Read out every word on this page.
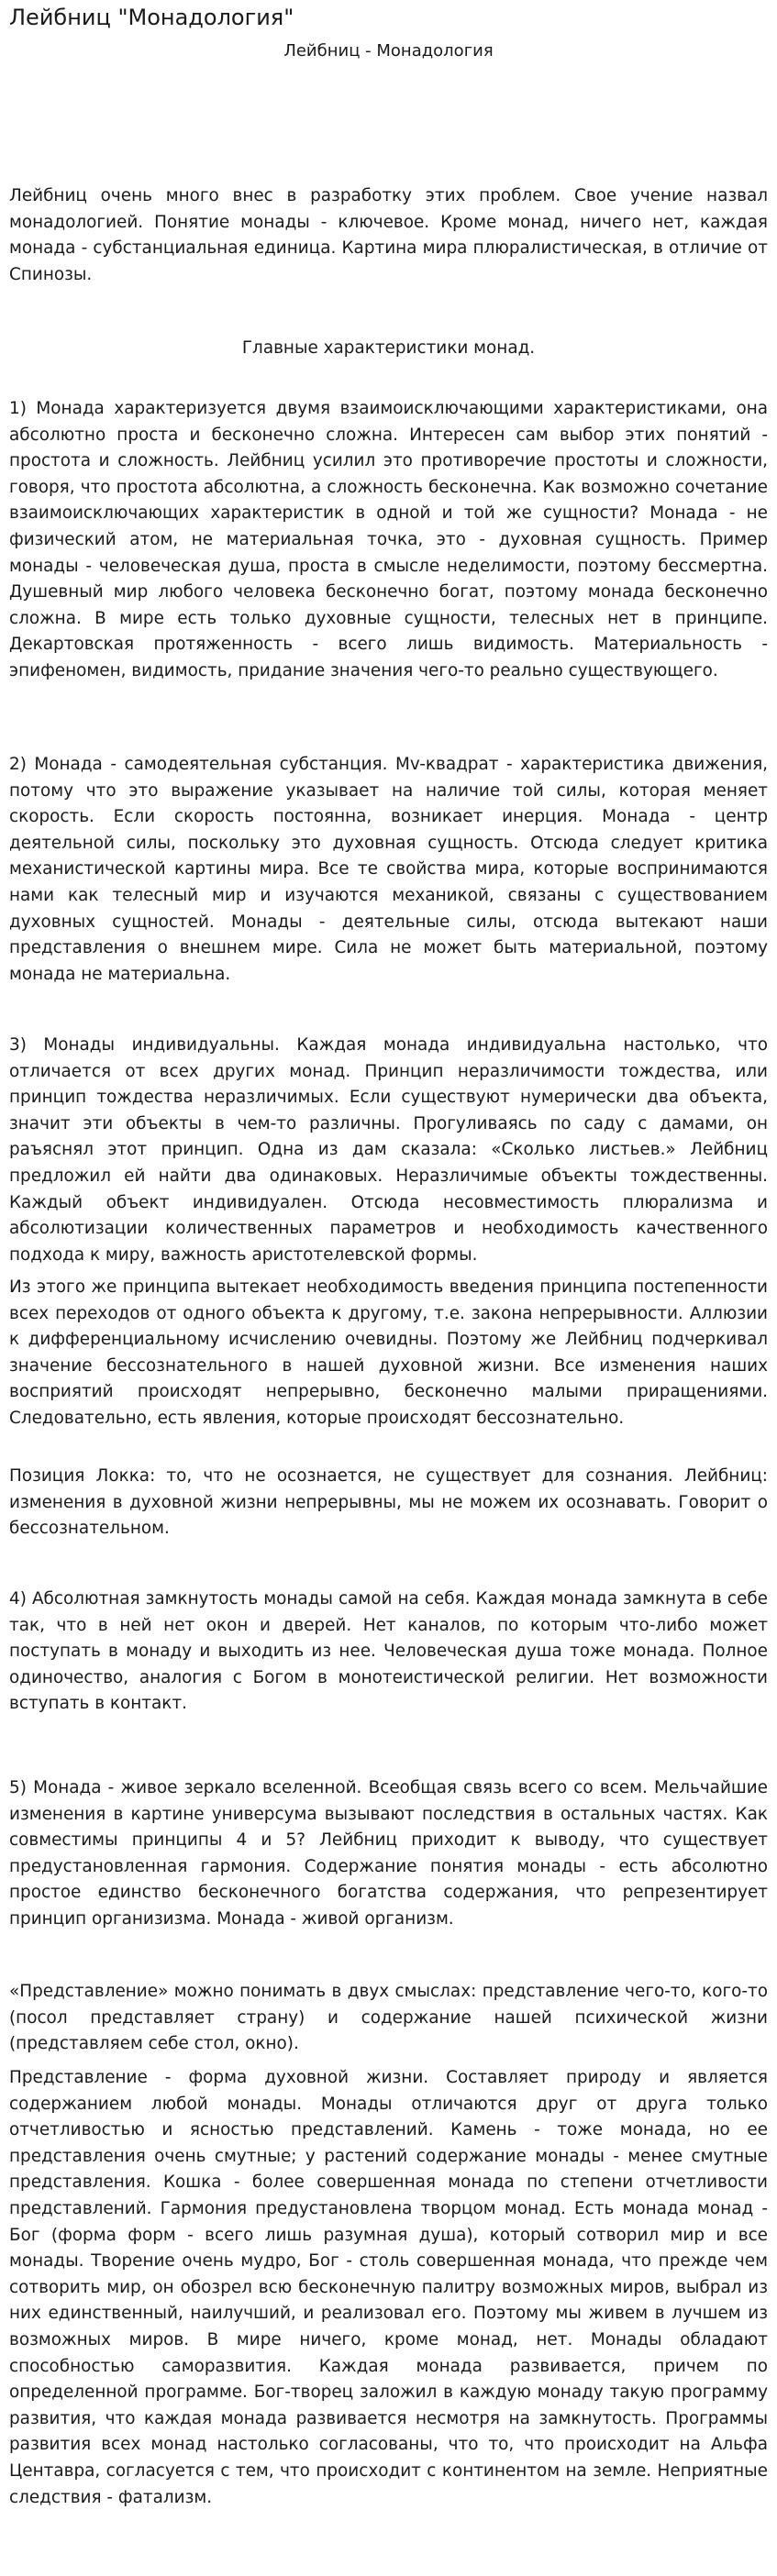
Лейбниц "Монадология"
Лейбниц - Монадология

Лейбниц очень много внес в разработку этих проблем. Свое учение назвал монадологией. Понятие монады - ключевое. Кроме монад, ничего нет, каждая монада - субстанциальная единица. Картина мира плюралистическая, в отличие от Спинозы.

Главные характеристики монад.

1) Монада характеризуется двумя взаимоисключающими характеристиками, она абсолютно проста и бесконечно сложна. Интересен сам выбор этих понятий - простота и сложность. Лейбниц усилил это противоречие простоты и сложности, говоря, что простота абсолютна, а сложность бесконечна. Как возможно сочетание взаимоисключающих характеристик в одной и той же сущности? Монада - не физический атом, не материальная точка, это - духовная сущность. Пример монады - человеческая душа, проста в смысле неделимости, поэтому бессмертна. Душевный мир любого человека бесконечно богат, поэтому монада бесконечно сложна. В мире есть только духовные сущности, телесных нет в принципе. Декартовская протяженность - всего лишь видимость. Материальность - эпифеномен, видимость, придание значения чего-то реально существующего.

2) Монада - самодеятельная субстанция. Mv-квадрат - характеристика движения, потому что это выражение указывает на наличие той силы, которая меняет скорость. Если скорость постоянна, возникает инерция. Монада - центр деятельной силы, поскольку это духовная сущность. Отсюда следует критика механистической картины мира. Все те свойства мира, которые воспринимаются нами как телесный мир и изучаются механикой, связаны с существованием духовных сущностей. Монады - деятельные силы, отсюда вытекают наши представления о внешнем мире. Сила не может быть материальной, поэтому монада не материальна.

3) Монады индивидуальны. Каждая монада индивидуальна настолько, что отличается от всех других монад. Принцип неразличимости тождества, или принцип тождества неразличимых. Если существуют нумерически два объекта, значит эти объекты в чем-то различны. Прогуливаясь по саду с дамами, он раъяснял этот принцип. Одна из дам сказала: «Сколько листьев.» Лейбниц предложил ей найти два одинаковых. Неразличимые объекты тождественны. Каждый объект индивидуален. Отсюда несовместимость плюрализма и абсолютизации количественных параметров и необходимость качественного подхода к миру, важность аристотелевской формы.

Из этого же принципа вытекает необходимость введения принципа постепенности всех переходов от одного объекта к другому, т.е. закона непрерывности. Аллюзии к дифференциальному исчислению очевидны. Поэтому же Лейбниц подчеркивал значение бессознательного в нашей духовной жизни. Все изменения наших восприятий происходят непрерывно, бесконечно малыми приращениями. Следовательно, есть явления, которые происходят бессознательно.

Позиция Локка: то, что не осознается, не существует для сознания. Лейбниц: изменения в духовной жизни непрерывны, мы не можем их осознавать. Говорит о бессознательном.

4) Абсолютная замкнутость монады самой на себя. Каждая монада замкнута в себе так, что в ней нет окон и дверей. Нет каналов, по которым что-либо может поступать в монаду и выходить из нее. Человеческая душа тоже монада. Полное одиночество, аналогия с Богом в монотеистической религии. Нет возможности вступать в контакт.

5) Монада - живое зеркало вселенной. Всеобщая связь всего со всем. Мельчайшие изменения в картине универсума вызывают последствия в остальных частях. Как совместимы принципы 4 и 5? Лейбниц приходит к выводу, что существует предустановленная гармония. Содержание понятия монады - есть абсолютно простое единство бесконечного богатства содержания, что репрезентирует принцип организизма. Монада - живой организм.

«Представление» можно понимать в двух смыслах: представление чего-то, кого-то (посол представляет страну) и содержание нашей психической жизни (представляем себе стол, окно).

Представление - форма духовной жизни. Составляет природу и является содержанием любой монады. Монады отличаются друг от друга только отчетливостью и ясностью представлений. Камень - тоже монада, но ее представления очень смутные; у растений содержание монады - менее смутные представления. Кошка - более совершенная монада по степени отчетливости представлений. Гармония предустановлена творцом монад. Есть монада монад - Бог (форма форм - всего лишь разумная душа), который сотворил мир и все монады. Творение очень мудро, Бог - столь совершенная монада, что прежде чем сотворить мир, он обозрел всю бесконечную палитру возможных миров, выбрал из них единственный, наилучший, и реализовал его. Поэтому мы живем в лучшем из возможных миров. В мире ничего, кроме монад, нет. Монады обладают способностью саморазвития. Каждая монада развивается, причем по определенной программе. Бог-творец заложил в каждую монаду такую программу развития, что каждая монада развивается несмотря на замкнутость. Программы развития всех монад настолько согласованы, что то, что происходит на Альфа Центавра, согласуется с тем, что происходит с континентом на земле. Неприятные следствия - фатализм.
